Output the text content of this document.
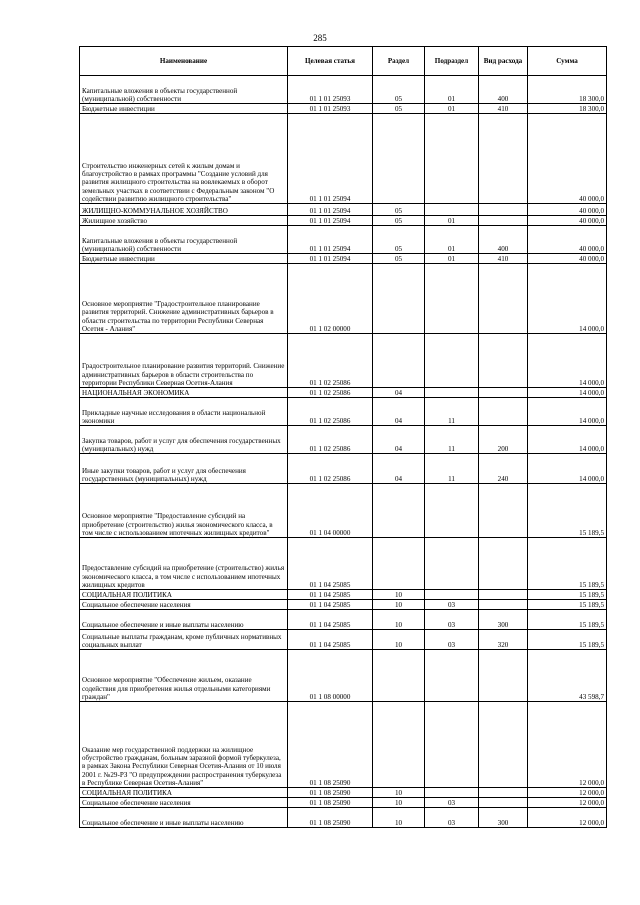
285
Наименование	Целевая статья	Раздел	Подраздел	Вид расхода	Сумма
Капитальные вложения в объекты государственной (муниципальной) собственности	01 1 01 25093	05	01	400	18 300,0
Бюджетные инвестиции	01 1 01 25093	05	01	410	18 300,0
Строительство инженерных сетей к жилым домам и благоустройство в рамках программы "Создание условий для развития жилищного строительства на вовлекаемых в оборот земельных участках в соответствии с Федеральным законом "О содействии развитию жилищного строительства"	01 1 01 25094				40 000,0
ЖИЛИЩНО-КОММУНАЛЬНОЕ ХОЗЯЙСТВО	01 1 01 25094	05			40 000,0
Жилищное хозяйство	01 1 01 25094	05	01		40 000,0
Капитальные вложения в объекты государственной (муниципальной) собственности	01 1 01 25094	05	01	400	40 000,0
Бюджетные инвестиции	01 1 01 25094	05	01	410	40 000,0
Основное мероприятие "Градостроительное планирование развития территорий. Снижение административных барьеров в области строительства по территории Республики Северная Осетия - Алания"	01 1 02 00000				14 000,0
Градостроительное планирование развития территорий. Снижение административных барьеров в области строительства по территории Республики Северная Осетия-Алания	01 1 02 25086				14 000,0
НАЦИОНАЛЬНАЯ ЭКОНОМИКА	01 1 02 25086	04			14 000,0
Прикладные научные исследования в области национальной экономики	01 1 02 25086	04	11		14 000,0
Закупка товаров, работ и услуг для обеспечения государственных (муниципальных) нужд	01 1 02 25086	04	11	200	14 000,0
Иные закупки товаров, работ и услуг для обеспечения государственных (муниципальных) нужд	01 1 02 25086	04	11	240	14 000,0
Основное мероприятие "Предоставление субсидий на приобретение (строительство) жилья экономического класса, в том числе с использованием ипотечных жилищных кредитов"	01 1 04 00000				15 189,5
Предоставление субсидий на приобретение (строительство) жилья экономического класса, в том числе с использованием ипотечных жилищных кредитов	01 1 04 25085				15 189,5
СОЦИАЛЬНАЯ ПОЛИТИКА	01 1 04 25085	10			15 189,5
Социальное обеспечение населения	01 1 04 25085	10	03		15 189,5
Социальное обеспечение и иные выплаты населению	01 1 04 25085	10	03	300	15 189,5
Социальные выплаты гражданам, кроме публичных нормативных социальных выплат	01 1 04 25085	10	03	320	15 189,5
Основное мероприятие "Обеспечение жильем, оказание содействия для приобретения жилья отдельными категориями граждан"	01 1 08 00000				43 598,7
Оказание мер государственной поддержки на жилищное обустройство гражданам, больным заразной формой туберкулеза, в рамках Закона Республики Северная Осетия-Алания от 10 июля 2001 г. №29-РЗ "О предупреждении распространения туберкулеза в Республике Северная Осетия-Алания"	01 1 08 25090				12 000,0
СОЦИАЛЬНАЯ ПОЛИТИКА	01 1 08 25090	10			12 000,0
Социальное обеспечение населения	01 1 08 25090	10	03		12 000,0
Социальное обеспечение и иные выплаты населению	01 1 08 25090	10	03	300	12 000,0
